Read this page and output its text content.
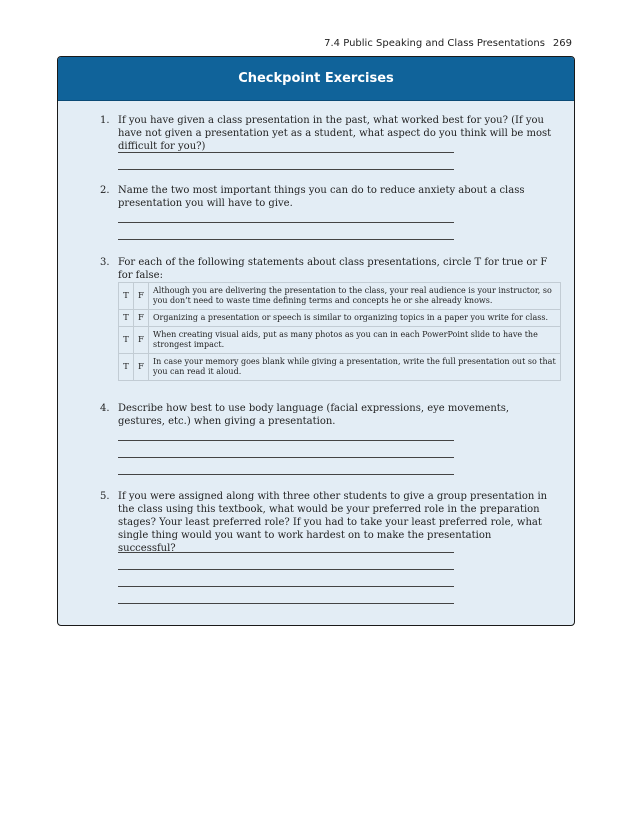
7.4 Public Speaking and Class Presentations 269
Checkpoint Exercises
1. If you have given a class presentation in the past, what worked best for you? (If you have not given a presentation yet as a student, what aspect do you think will be most difficult for you?)
2. Name the two most important things you can do to reduce anxiety about a class presentation you will have to give.
3. For each of the following statements about class presentations, circle T for true or F for false:
T	F	Although you are delivering the presentation to the class, your real audience is your instructor, so you don’t need to waste time defining terms and concepts he or she already knows.
T	F	Organizing a presentation or speech is similar to organizing topics in a paper you write for class.
T	F	When creating visual aids, put as many photos as you can in each PowerPoint slide to have the strongest impact.
T	F	In case your memory goes blank while giving a presentation, write the full presentation out so that you can read it aloud.
4. Describe how best to use body language (facial expressions, eye movements, gestures, etc.) when giving a presentation.
5. If you were assigned along with three other students to give a group presentation in the class using this textbook, what would be your preferred role in the preparation stages? Your least preferred role? If you had to take your least preferred role, what single thing would you want to work hardest on to make the presentation successful?
